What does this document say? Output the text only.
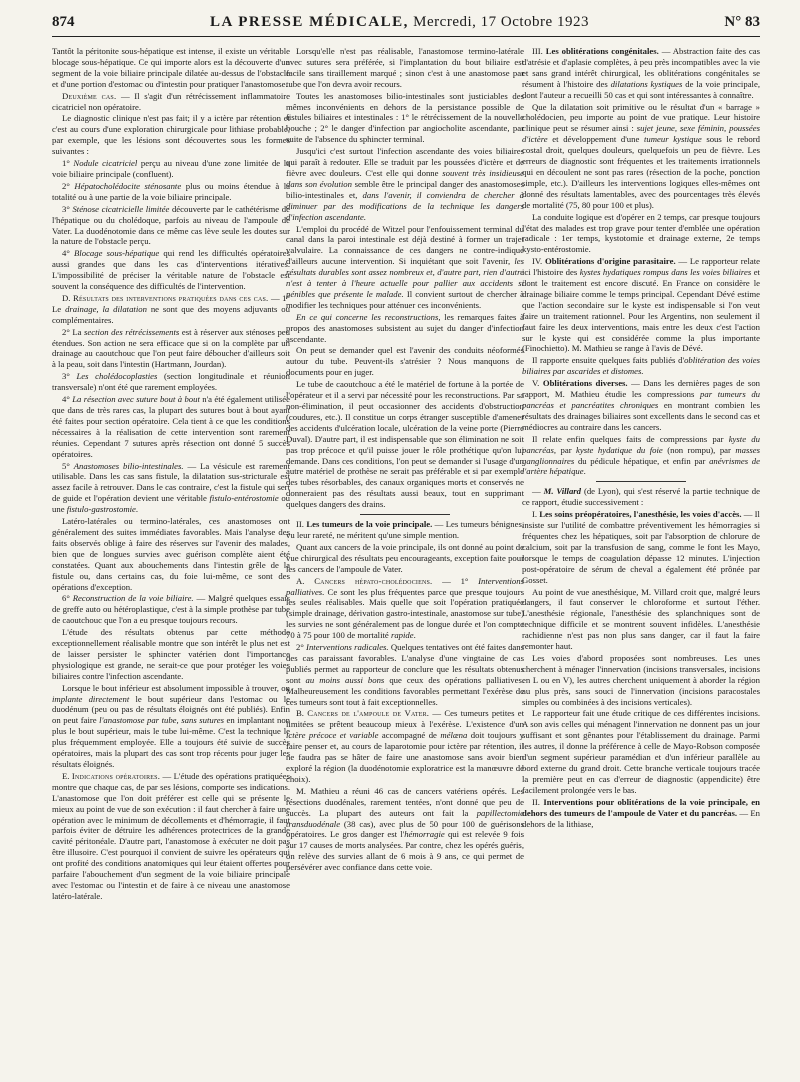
874	LA PRESSE MÉDICALE, Mercredi, 17 Octobre 1923	N° 83

Tantôt la péritonite sous-hépatique est intense, il existe un véritable blocage sous-hépatique. Ce qui importe alors est la découverte d'un segment de la voie biliaire principale dilatée au-dessus de l'obstacle et d'une portion d'estomac ou d'intestin pour pratiquer l'anastomose.

Deuxième cas. — Il s'agit d'un rétrécissement inflammatoire cicatriciel non opératoire.

Le diagnostic clinique n'est pas fait; il y a ictère par rétention et c'est au cours d'une exploration chirurgicale pour lithiase probable, par exemple, que les lésions sont découvertes sous les formes suivantes :

1° Nodule cicatriciel perçu au niveau d'une zone limitée de la voie biliaire principale (confluent).

2° Hépatocholédocite sténosante plus ou moins étendue à la totalité ou à une partie de la voie biliaire principale.

3° Sténose cicatricielle limitée découverte par le cathétérisme de l'hépatique ou du cholédoque, parfois au niveau de l'ampoule de Vater. La duodénotomie dans ce même cas lève seule les doutes sur la nature de l'obstacle perçu.

4° Blocage sous-hépatique qui rend les difficultés opératoires aussi grandes que dans les cas d'interventions itératives. L'impossibilité de préciser la véritable nature de l'obstacle est souvent la conséquence des difficultés de l'intervention.

D. Résultats des interventions pratiquées dans ces cas. — 1° Le drainage, la dilatation ne sont que des moyens adjuvants ou complémentaires.

2° La section des rétrécissements est à réserver aux sténoses peu étendues. Son action ne sera efficace que si on la complète par un drainage au caoutchouc que l'on peut faire déboucher d'ailleurs soit à la peau, soit dans l'intestin (Hartmann, Jourdan).

3° Les cholédocoplasties (section longitudinale et réunion transversale) n'ont été que rarement employées.

4° La résection avec suture bout à bout n'a été également utilisée que dans de très rares cas, la plupart des sutures bout à bout ayant été faites pour section opératoire. Cela tient à ce que les conditions nécessaires à la réalisation de cette intervention sont rarement réunies. Cependant 7 sutures après résection ont donné 5 succès opératoires.

5° Anastomoses bilio-intestinales. — La vésicule est rarement utilisable. Dans les cas sans fistule, la dilatation sus-stricturale est assez facile à retrouver. Dans le cas contraire, c'est la fistule qui sert de guide et l'opération devient une véritable fistulo-entérostomie ou une fistulo-gastrostomie.

Latéro-latérales ou termino-latérales, ces anastomoses ont généralement des suites immédiates favorables. Mais l'analyse des faits observés oblige à faire des réserves sur l'avenir des malades, bien que de longues survies avec guérison complète aient été constatées. Quant aux abouchements dans l'intestin grêle de la fistule ou, dans certains cas, du foie lui-même, ce sont des opérations d'exception.

6° Reconstruction de la voie biliaire. — Malgré quelques essais de greffe auto ou hétéroplastique, c'est à la simple prothèse par tube de caoutchouc que l'on a eu presque toujours recours.

L'étude des résultats obtenus par cette méthode exceptionnellement réalisable montre que son intérêt le plus net est de laisser persister le sphincter vatérien dont l'importance physiologique est grande, ne serait-ce que pour protéger les voies biliaires contre l'infection ascendante.

Lorsque le bout inférieur est absolument impossible à trouver, on implante directement le bout supérieur dans l'estomac ou le duodénum (peu ou pas de résultats éloignés ont été publiés). Enfin on peut faire l'anastomose par tube, sans sutures en implantant non plus le bout supérieur, mais le tube lui-même. C'est la technique le plus fréquemment employée. Elle a toujours été suivie de succès opératoires, mais la plupart des cas sont trop récents pour juger les résultats éloignés.

E. Indications opératoires. — L'étude des opérations pratiquées montre que chaque cas, de par ses lésions, comporte ses indications. L'anastomose que l'on doit préférer est celle qui se présente le mieux au point de vue de son exécution : il faut chercher à faire une opération avec le minimum de décollements et d'hémorragie, il faut parfois éviter de détruire les adhérences protectrices de la grande cavité péritonéale. D'autre part, l'anastomose à exécuter ne doit pas être illusoire. C'est pourquoi il convient de suivre les opérateurs qui ont profité des conditions anatomiques qui leur étaient offertes pour parfaire l'abouchement d'un segment de la voie biliaire principale avec l'estomac ou l'intestin et de faire à ce niveau une anastomose latéro-latérale.

Lorsqu'elle n'est pas réalisable, l'anastomose termino-latérale avec sutures sera préférée, si l'implantation du bout biliaire est facile sans tiraillement marqué ; sinon c'est à une anastomose par tube que l'on devra avoir recours.

Toutes les anastomoses bilio-intestinales sont justiciables des mêmes inconvénients en dehors de la persistance possible de fistules biliaires et intestinales : 1° le rétrécissement de la nouvelle bouche ; 2° le danger d'infection par angiocholite ascendante, par suite de l'absence du sphincter terminal.

Jusqu'ici c'est surtout l'infection ascendante des voies biliaires qui paraît à redouter. Elle se traduit par les poussées d'ictère et de fièvre avec douleurs. C'est elle qui donne souvent très insidieuse dans son évolution semble être le principal danger des anastomoses bilio-intestinales et, dans l'avenir, il conviendra de chercher à diminuer par des modifications de la technique les dangers d'infection ascendante.

L'emploi du procédé de Witzel pour l'enfouissement terminal du canal dans la paroi intestinale est déjà destiné à former un trajet valvulaire. La connaissance de ces dangers ne contre-indique d'ailleurs aucune intervention. Si inquiétant que soit l'avenir, les résultats durables sont assez nombreux et, d'autre part, rien d'autre n'est à tenter à l'heure actuelle pour pallier aux accidents si pénibles que présente le malade. Il convient surtout de chercher à modifier les techniques pour atténuer ces inconvénients.

En ce qui concerne les reconstructions, les remarques faites à propos des anastomoses subsistent au sujet du danger d'infection ascendante.

On peut se demander quel est l'avenir des conduits néoformés autour du tube. Peuvent-ils s'atrésier ? Nous manquons de documents pour en juger.

Le tube de caoutchouc a été le matériel de fortune à la portée de l'opérateur et il a servi par nécessité pour les reconstructions. Par sa non-élimination, il peut occasionner des accidents d'obstruction (coudures, etc.). Il constitue un corps étranger susceptible d'amener des accidents d'ulcération locale, ulcération de la veine porte (Pierre Duval). D'autre part, il est indispensable que son élimination ne soit pas trop précoce et qu'il puisse jouer le rôle prothétique qu'on lui demande. Dans ces conditions, l'on peut se demander si l'usage d'un autre matériel de prothèse ne serait pas préférable et si par exemple des tubes résorbables, des canaux organiques morts et conservés ne donneraient pas des résultats aussi beaux, tout en supprimant quelques dangers des drains.

II. Les tumeurs de la voie principale. — Les tumeurs bénignes, vu leur rareté, ne méritent qu'une simple mention.

Quant aux cancers de la voie principale, ils ont donné au point de vue chirurgical des résultats peu encourageants, exception faite pour les cancers de l'ampoule de Vater.

A. Cancers hépato-cholédociens. — 1° Interventions palliatives. Ce sont les plus fréquentes parce que presque toujours les seules réalisables. Mais quelle que soit l'opération pratiquée (simple drainage, dérivation gastro-intestinale, anastomose sur tube) les survies ne sont généralement pas de longue durée et l'on compte 70 à 75 pour 100 de mortalité rapide.

2° Interventions radicales. Quelques tentatives ont été faites dans des cas paraissant favorables. L'analyse d'une vingtaine de cas publiés permet au rapporteur de conclure que les résultats obtenus sont au moins aussi bons que ceux des opérations palliatives. Malheureusement les conditions favorables permettant l'exérèse de ces tumeurs sont tout à fait exceptionnelles.

B. Cancers de l'ampoule de Vater. — Ces tumeurs petites et limitées se prêtent beaucoup mieux à l'exérèse. L'existence d'un ictère précoce et variable accompagné de mélæna doit toujours y faire penser et, au cours de laparotomie pour ictère par rétention, il ne faudra pas se hâter de faire une anastomose sans avoir bien exploré la région (la duodénotomie exploratrice est la manœuvre de choix).

M. Mathieu a réuni 46 cas de cancers vatériens opérés. Les résections duodénales, rarement tentées, n'ont donné que peu de succès. La plupart des auteurs ont fait la papillectomie transduodénale (38 cas), avec plus de 50 pour 100 de guérisons opératoires. Le gros danger est l'hémorragie qui est relevée 9 fois sur 17 causes de morts analysées. Par contre, chez les opérés guéris, on relève des survies allant de 6 mois à 9 ans, ce qui permet de persévérer avec confiance dans cette voie.

III. Les oblitérations congénitales. — Abstraction faite des cas d'atrésie et d'aplasie complètes, à peu près incompatibles avec la vie et sans grand intérêt chirurgical, les oblitérations congénitales se résument à l'histoire des dilatations kystiques de la voie principale, dont l'auteur a recueilli 50 cas et qui sont intéressantes à connaître.

Que la dilatation soit primitive ou le résultat d'un « barrage » cholédocien, peu importe au point de vue pratique. Leur histoire clinique peut se résumer ainsi : sujet jeune, sexe féminin, poussées d'ictère et développement d'une tumeur kystique sous le rebord costal droit, quelques douleurs, quelquefois un peu de fièvre. Les erreurs de diagnostic sont fréquentes et les traitements irrationnels qui en découlent ne sont pas rares (résection de la poche, ponction simple, etc.). D'ailleurs les interventions logiques elles-mêmes ont donné des résultats lamentables, avec des pourcentages très élevés de mortalité (75, 80 pour 100 et plus).

La conduite logique est d'opérer en 2 temps, car presque toujours l'état des malades est trop grave pour tenter d'emblée une opération radicale : 1er temps, kystotomie et drainage externe, 2e temps kysto-entérostomie.

IV. Oblitérations d'origine parasitaire. — Le rapporteur relate ici l'histoire des kystes hydatiques rompus dans les voies biliaires et dont le traitement est encore discuté. En France on considère le drainage biliaire comme le temps principal. Cependant Dévé estime que l'action secondaire sur le kyste est indispensable si l'on veut faire un traitement rationnel. Pour les Argentins, non seulement il faut faire les deux interventions, mais entre les deux c'est l'action sur le kyste qui est considérée comme la plus importante (Finochietto). M. Mathieu se range à l'avis de Dévé.

Il rapporte ensuite quelques faits publiés d'oblitération des voies biliaires par ascarides et distomes.

V. Oblitérations diverses. — Dans les dernières pages de son rapport, M. Mathieu étudie les compressions par tumeurs du pancréas et pancréatites chroniques en montrant combien les résultats des drainages biliaires sont excellents dans le second cas et médiocres au contraire dans les cancers.

Il relate enfin quelques faits de compressions par kyste du pancréas, par kyste hydatique du foie (non rompu), par masses ganglionnaires du pédicule hépatique, et enfin par anévrismes de l'artère hépatique.

— M. Villard (de Lyon), qui s'est réservé la partie technique de ce rapport, étudie successivement :

I. Les soins préopératoires, l'anesthésie, les voies d'accès. — Il insiste sur l'utilité de combattre préventivement les hémorragies si fréquentes chez les hépatiques, soit par l'absorption de chlorure de calcium, soit par la transfusion de sang, comme le font les Mayo, lorsque le temps de coagulation dépasse 12 minutes. L'injection post-opératoire de sérum de cheval a également été prônée par Gosset.

Au point de vue anesthésique, M. Villard croit que, malgré leurs dangers, il faut conserver le chloroforme et surtout l'éther. L'anesthésie régionale, l'anesthésie des splanchniques sont de technique difficile et se montrent souvent infidèles. L'anesthésie rachidienne n'est pas non plus sans danger, car il faut la faire remonter haut.

Les voies d'abord proposées sont nombreuses. Les unes cherchent à ménager l'innervation (incisions transversales, incisions en L ou en V), les autres cherchent uniquement à aborder la région au plus près, sans souci de l'innervation (incisions paracostales simples ou combinées à des incisions verticales).

Le rapporteur fait une étude critique de ces différentes incisions. A son avis celles qui ménagent l'innervation ne donnent pas un jour suffisant et sont gênantes pour l'établissement du drainage. Parmi les autres, il donne la préférence à celle de Mayo-Robson composée d'un segment supérieur paramédian et d'un inférieur parallèle au bord externe du grand droit. Cette branche verticale toujours tracée la première peut en cas d'erreur de diagnostic (appendicite) être facilement prolongée vers le bas.

II. Interventions pour oblitérations de la voie principale, en dehors des tumeurs de l'ampoule de Vater et du pancréas. — En dehors de la lithiase,
